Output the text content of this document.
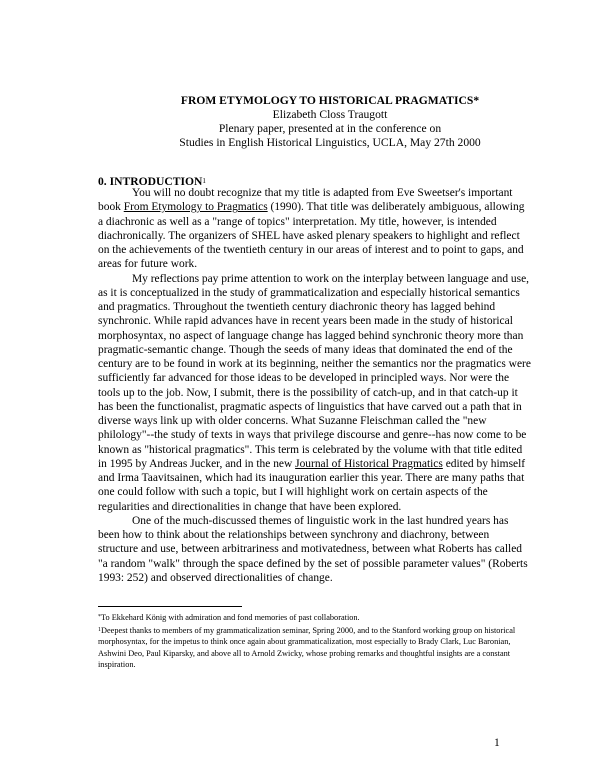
FROM ETYMOLOGY TO HISTORICAL PRAGMATICS*
Elizabeth Closs Traugott
Plenary paper, presented at in the conference on
Studies in English Historical Linguistics, UCLA, May 27th 2000
0. INTRODUCTION$^1$

You will no doubt recognize that my title is adapted from Eve Sweetser's important book From Etymology to Pragmatics (1990). That title was deliberately ambiguous, allowing a diachronic as well as a "range of topics" interpretation. My title, however, is intended diachronically. The organizers of SHEL have asked plenary speakers to highlight and reflect on the achievements of the twentieth century in our areas of interest and to point to gaps, and areas for future work.

My reflections pay prime attention to work on the interplay between language and use, as it is conceptualized in the study of grammaticalization and especially historical semantics and pragmatics. Throughout the twentieth century diachronic theory has lagged behind synchronic. While rapid advances have in recent years been made in the study of historical morphosyntax, no aspect of language change has lagged behind synchronic theory more than pragmatic-semantic change. Though the seeds of many ideas that dominated the end of the century are to be found in work at its beginning, neither the semantics nor the pragmatics were sufficiently far advanced for those ideas to be developed in principled ways. Nor were the tools up to the job. Now, I submit, there is the possibility of catch-up, and in that catch-up it has been the functionalist, pragmatic aspects of linguistics that have carved out a path that in diverse ways link up with older concerns. What Suzanne Fleischman called the "new philology"--the study of texts in ways that privilege discourse and genre--has now come to be known as "historical pragmatics". This term is celebrated by the volume with that title edited in 1995 by Andreas Jucker, and in the new Journal of Historical Pragmatics edited by himself and Irma Taavitsainen, which had its inauguration earlier this year. There are many paths that one could follow with such a topic, but I will highlight work on certain aspects of the regularities and directionalities in change that have been explored.

One of the much-discussed themes of linguistic work in the last hundred years has been how to think about the relationships between synchrony and diachrony, between structure and use, between arbitrariness and motivatedness, between what Roberts has called "a random "walk" through the space defined by the set of possible parameter values" (Roberts 1993: 252) and observed directionalities of change.

*To Ekkehard König with admiration and fond memories of past collaboration.

$^1$Deepest thanks to members of my grammaticalization seminar, Spring 2000, and to the Stanford working group on historical morphosyntax, for the impetus to think once again about grammaticalization, most especially to Brady Clark, Luc Baronian, Ashwini Deo, Paul Kiparsky, and above all to Arnold Zwicky, whose probing remarks and thoughtful insights are a constant inspiration.

1
